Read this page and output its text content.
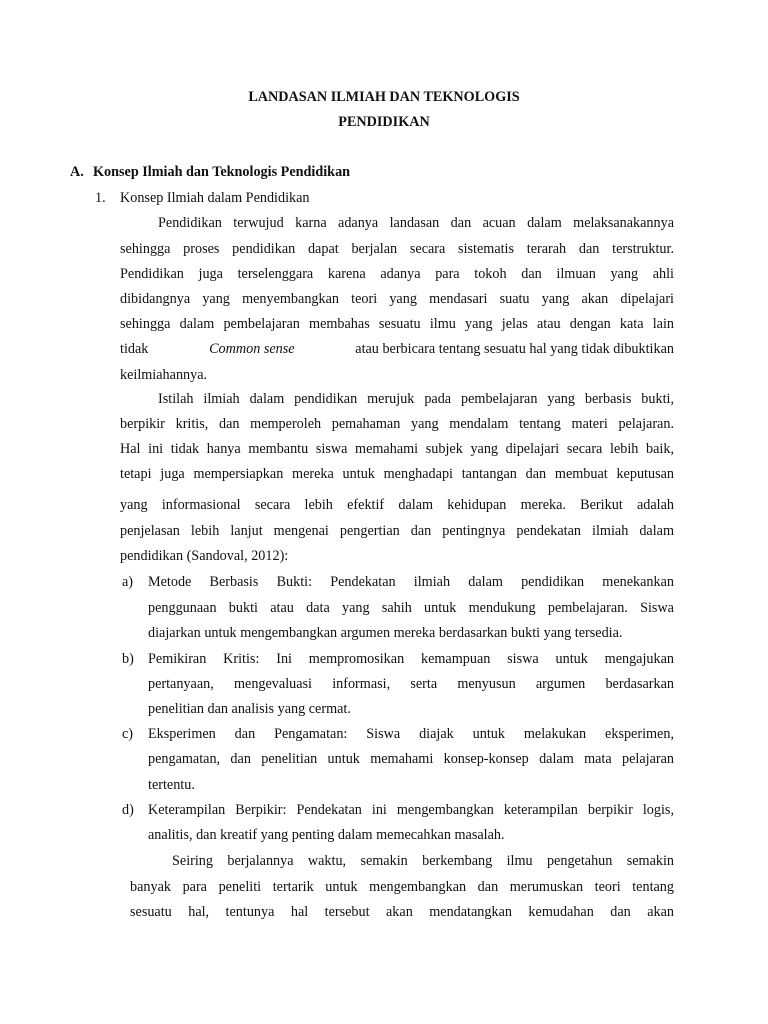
LANDASAN ILMIAH DAN TEKNOLOGIS
PENDIDIKAN
A. Konsep Ilmiah dan Teknologis Pendidikan
1. Konsep Ilmiah dalam Pendidikan
Pendidikan terwujud karna adanya landasan dan acuan dalam melaksanakannya
sehingga proses pendidikan dapat berjalan secara sistematis terarah dan terstruktur.
Pendidikan juga terselenggara karena adanya para tokoh dan ilmuan yang ahli
dibidangnya yang menyembangkan teori yang mendasari suatu yang akan dipelajari
sehingga dalam pembelajaran membahas sesuatu ilmu yang jelas atau dengan kata lain
tidak	Common sense	atau berbicara tentang sesuatu hal yang tidak dibuktikan
keilmiahannya.
Istilah ilmiah dalam pendidikan merujuk pada pembelajaran yang berbasis bukti,
berpikir kritis, dan memperoleh pemahaman yang mendalam tentang materi pelajaran.
Hal ini tidak hanya membantu siswa memahami subjek yang dipelajari secara lebih baik,
tetapi juga mempersiapkan mereka untuk menghadapi tantangan dan membuat keputusan
yang informasional secara lebih efektif dalam kehidupan mereka. Berikut adalah
penjelasan lebih lanjut mengenai pengertian dan pentingnya pendekatan ilmiah dalam
pendidikan (Sandoval, 2012):
a) Metode Berbasis Bukti: Pendekatan ilmiah dalam pendidikan menekankan
penggunaan bukti atau data yang sahih untuk mendukung pembelajaran. Siswa
diajarkan untuk mengembangkan argumen mereka berdasarkan bukti yang tersedia.
b) Pemikiran Kritis: Ini mempromosikan kemampuan siswa untuk mengajukan
pertanyaan, mengevaluasi informasi, serta menyusun argumen berdasarkan
penelitian dan analisis yang cermat.
c) Eksperimen dan Pengamatan: Siswa diajak untuk melakukan eksperimen,
pengamatan, dan penelitian untuk memahami konsep-konsep dalam mata pelajaran
tertentu.
d) Keterampilan Berpikir: Pendekatan ini mengembangkan keterampilan berpikir logis,
analitis, dan kreatif yang penting dalam memecahkan masalah.
Seiring berjalannya waktu, semakin berkembang ilmu pengetahun semakin
banyak para peneliti tertarik untuk mengembangkan dan merumuskan teori tentang
sesuatu hal, tentunya hal tersebut akan mendatangkan kemudahan dan akan
